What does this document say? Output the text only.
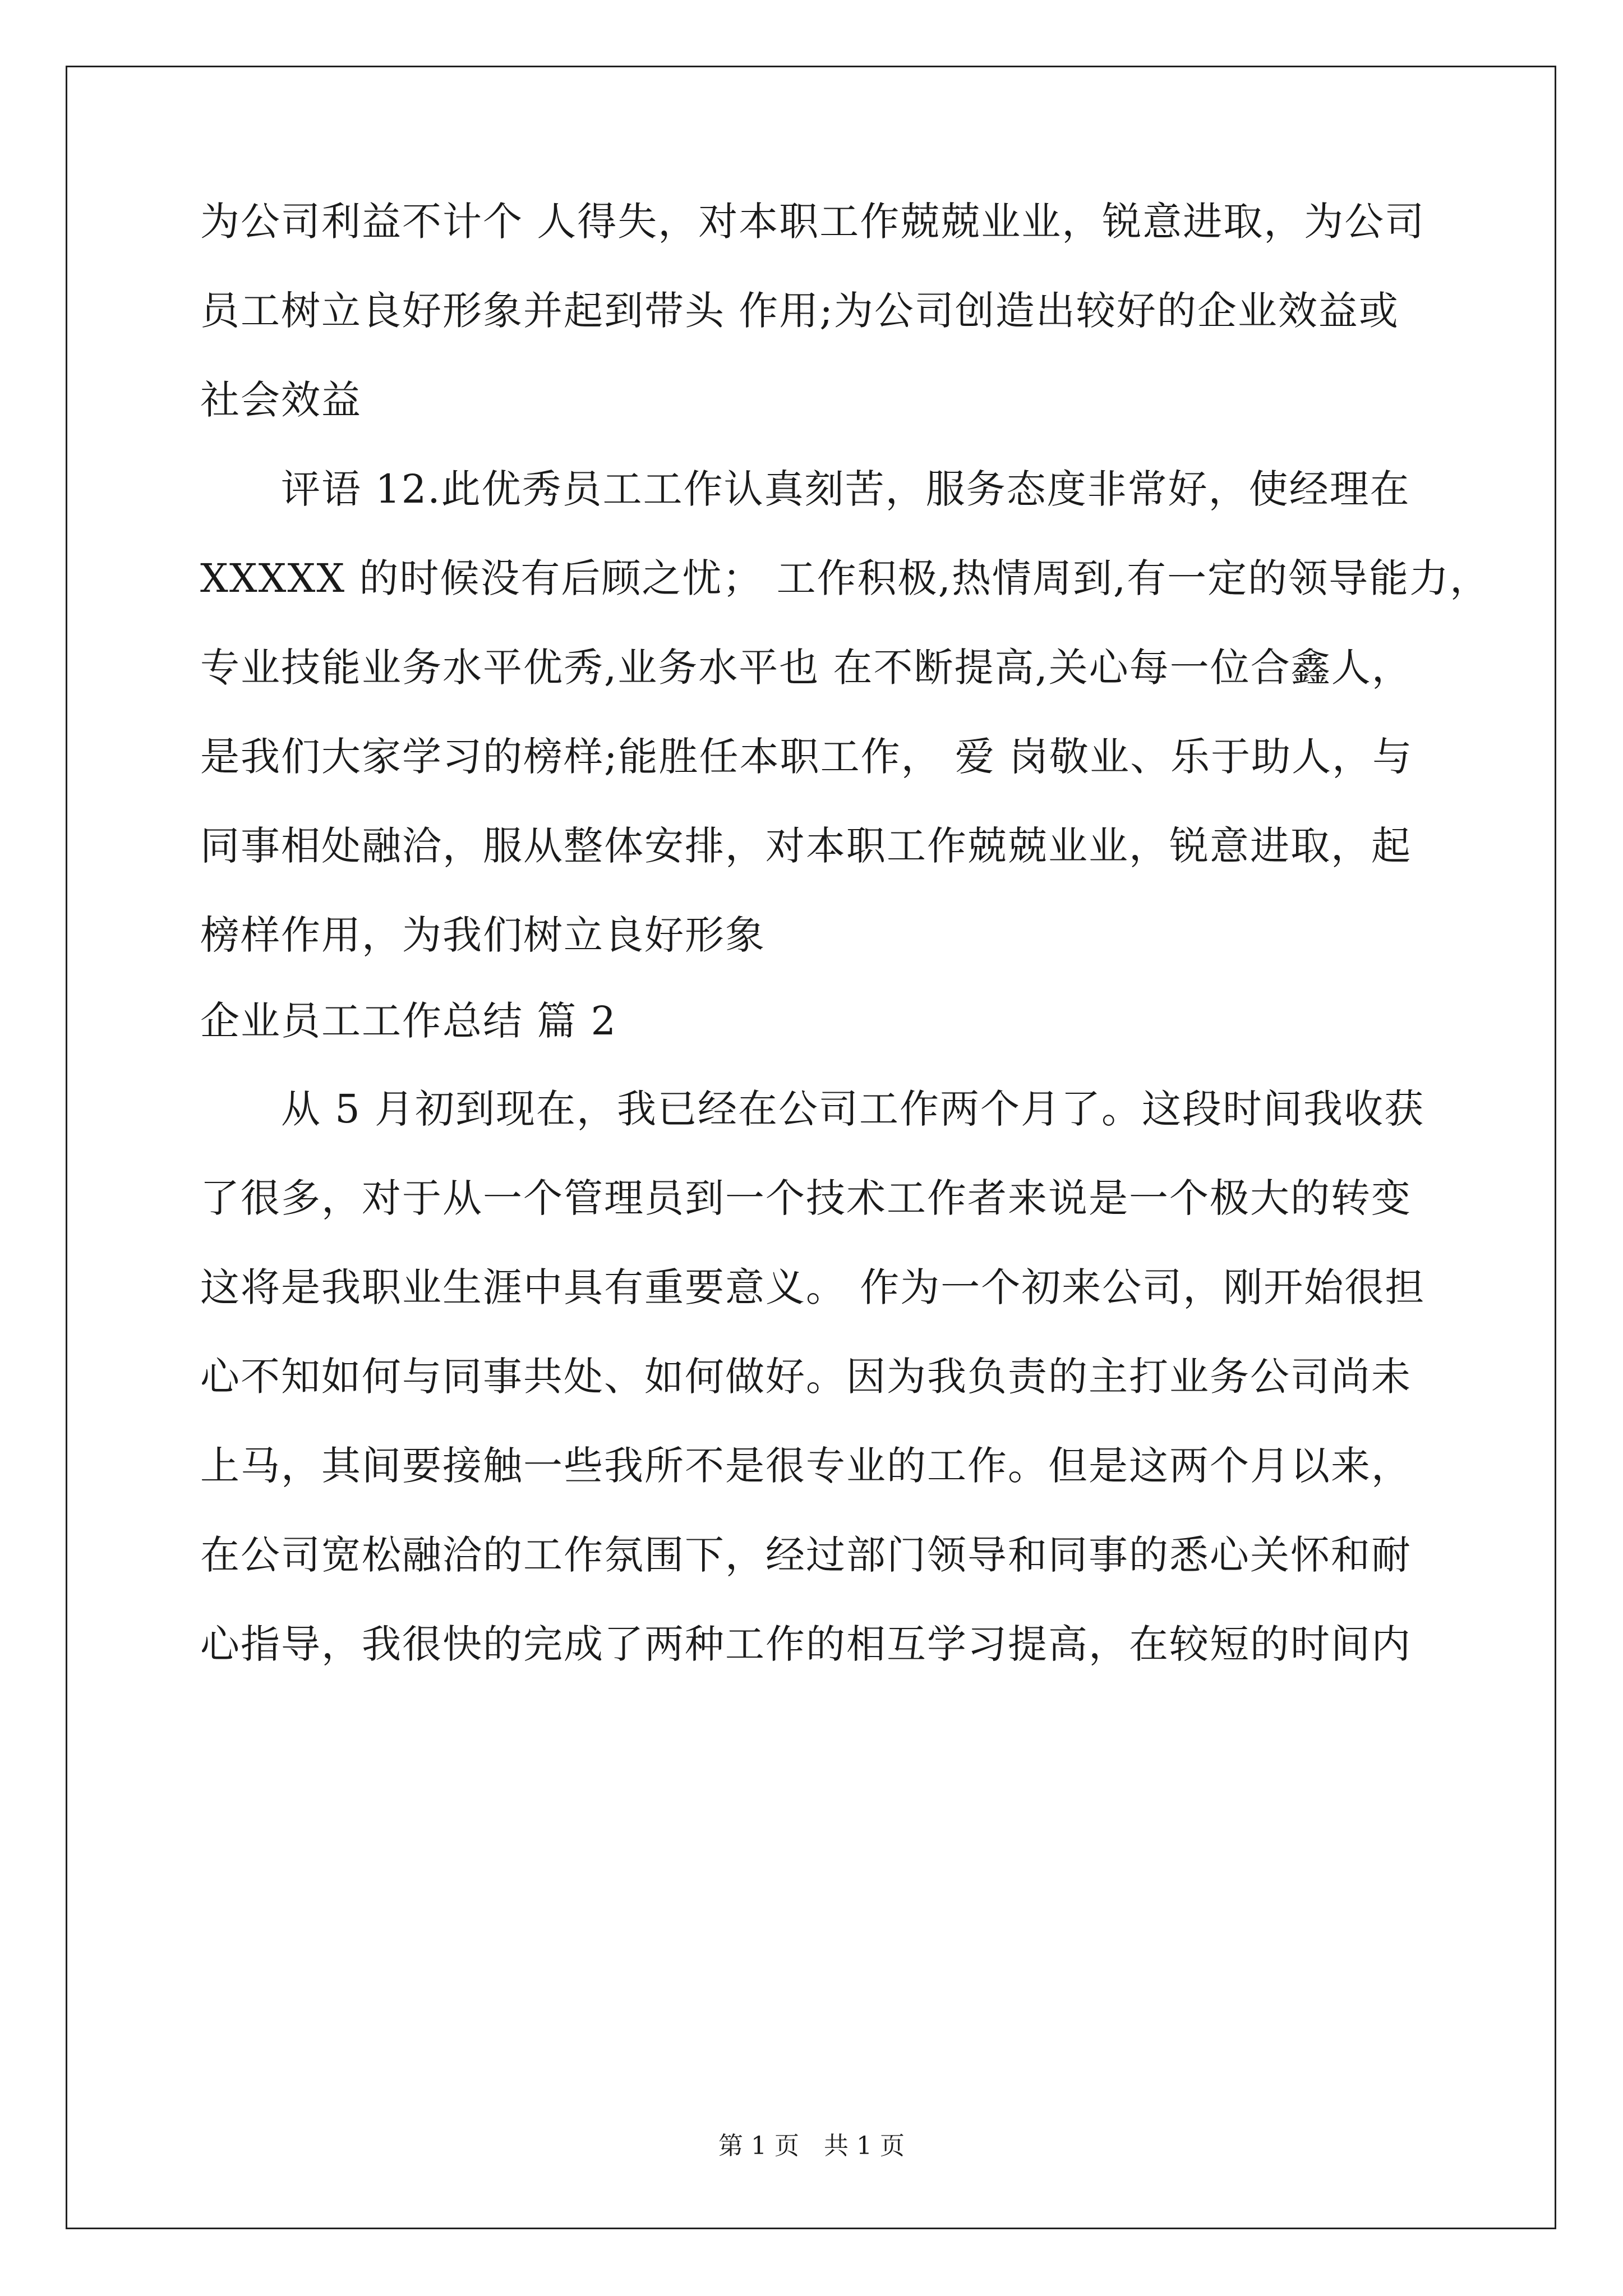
为公司利益不计个 人得失，对本职工作兢兢业业，锐意进取，为公司
员工树立良好形象并起到带头 作用;为公司创造出较好的企业效益或
社会效益
　　评语 12.此优秀员工工作认真刻苦，服务态度非常好，使经理在
XXXXX 的时候没有后顾之忧； 工作积极,热情周到,有一定的领导能力，
专业技能业务水平优秀,业务水平也 在不断提高,关心每一位合鑫人，
是我们大家学习的榜样;能胜任本职工作， 爱 岗敬业、乐于助人，与
同事相处融洽，服从整体安排，对本职工作兢兢业业，锐意进取，起
榜样作用，为我们树立良好形象
企业员工工作总结 篇 2
　　从 5 月初到现在，我已经在公司工作两个月了。这段时间我收获
了很多，对于从一个管理员到一个技术工作者来说是一个极大的转变
这将是我职业生涯中具有重要意义。 作为一个初来公司，刚开始很担
心不知如何与同事共处、如何做好。因为我负责的主打业务公司尚未
上马，其间要接触一些我所不是很专业的工作。但是这两个月以来，
在公司宽松融洽的工作氛围下，经过部门领导和同事的悉心关怀和耐
心指导，我很快的完成了两种工作的相互学习提高，在较短的时间内
第 1 页　共 1 页
